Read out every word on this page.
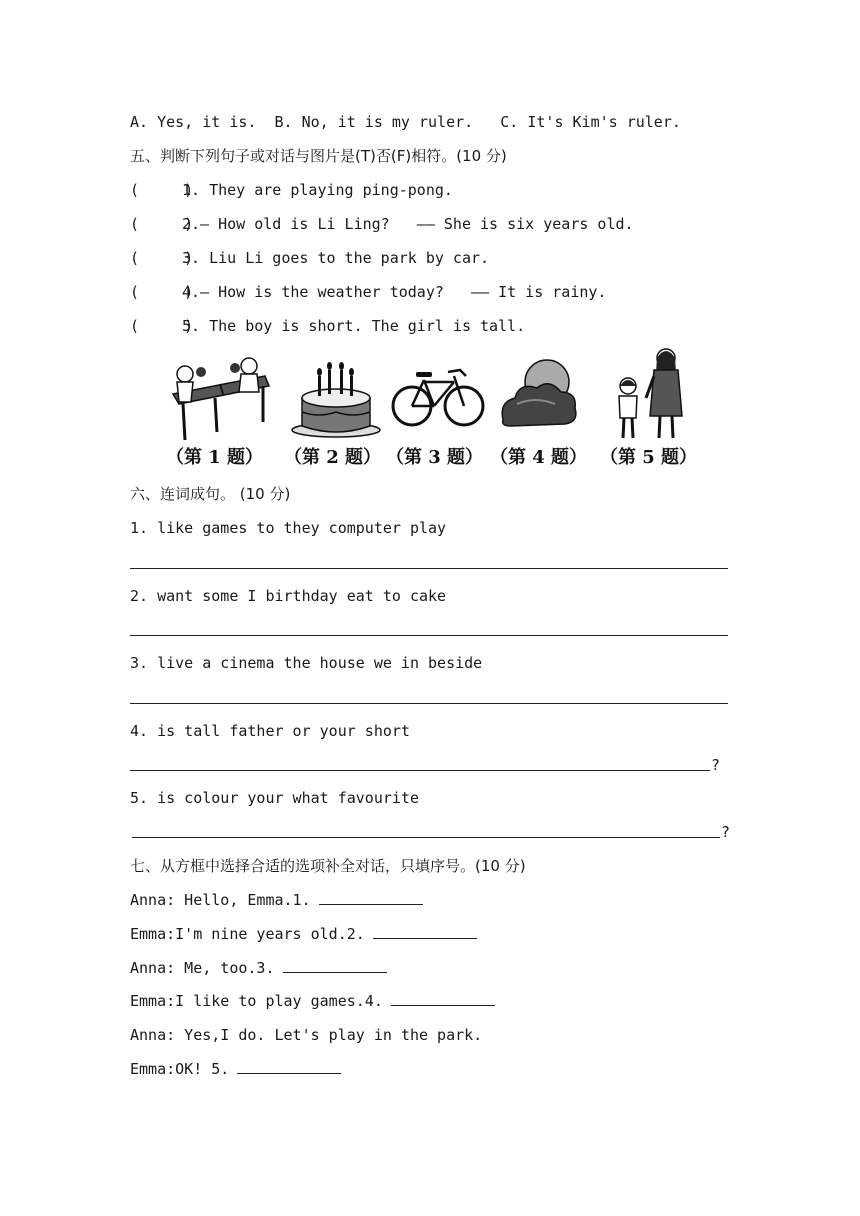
A. Yes, it is.  B. No, it is my ruler.   C. It's Kim's ruler.
五、判断下列句子或对话与图片是(T)否(F)相符。(10 分)
(     )
1. They are playing ping-pong.
(     )
2.— How old is Li Ling?   —— She is six years old.
(     )
3. Liu Li goes to the park by car.
(     )
4.— How is the weather today?   —— It is rainy.
(     )
5. The boy is short. The girl is tall.
（第 1 题） （第 2 题） （第 3 题） （第 4 题） （第 5 题）
六、连词成句。 (10 分)
1. like games to they computer play
2. want some I birthday eat to cake
3. live a cinema the house we in beside
4. is tall father or your short
?
5. is colour your what favourite
?
七、从方框中选择合适的选项补全对话，只填序号。(10 分)
Anna: Hello, Emma.1.
Emma:I'm nine years old.2.
Anna: Me, too.3.
Emma:I like to play games.4.
Anna: Yes,I do. Let's play in the park.
Emma:OK! 5.
